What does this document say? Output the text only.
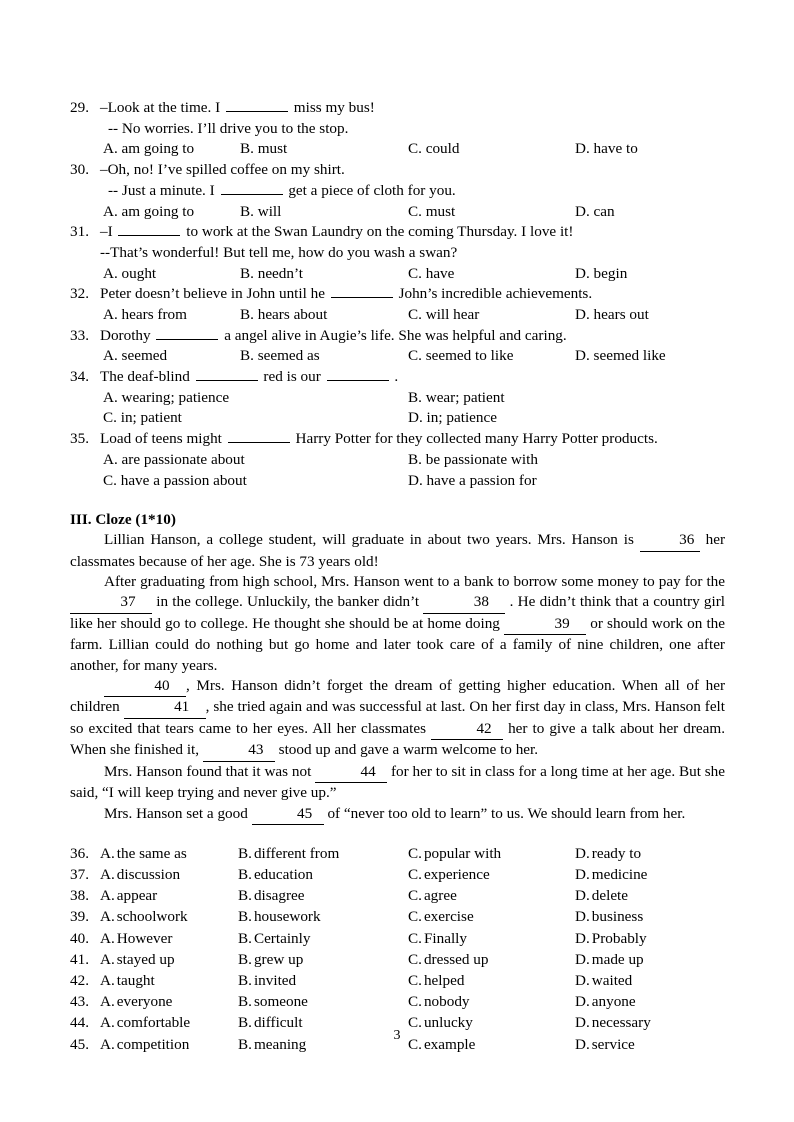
29. –Look at the time. I	miss my bus!
-- No worries. I’ll drive you to the stop.
A. am going to	B. must	C. could	D. have to
30. –Oh, no! I’ve spilled coffee on my shirt.
-- Just a minute. I	get a piece of cloth for you.
A. am going to	B. will	C. must	D. can
31. –I	to work at the Swan Laundry on the coming Thursday. I love it!
--That’s wonderful! But tell me, how do you wash a swan?
A. ought	B. needn’t	C. have	D. begin
32. Peter doesn’t believe in John until he	John’s incredible achievements.
A. hears from	B. hears about	C. will hear	D. hears out
33. Dorothy	a angel alive in Augie’s life. She was helpful and caring.
A. seemed	B. seemed as	C. seemed to like	D. seemed like
34. The deaf-blind	red is our	.
A. wearing; patience	B. wear; patient
C. in; patient	D. in; patience
35. Load of teens might	Harry Potter for they collected many Harry Potter products.
A. are passionate about	B. be passionate with
C. have a passion about	D. have a passion for
III. Cloze (1*10)

Lillian Hanson, a college student, will graduate in about two years. Mrs. Hanson is	36 her classmates because of her age. She is 73 years old!

After graduating from high school, Mrs. Hanson went to a bank to borrow some money to pay for the 37 in the college. Unluckily, the banker didn’t	38 . He didn’t think that a country girl like her should go to college. He thought she should be at home doing	39 or should work on the farm. Lillian could do nothing but go home and later took care of a family of nine children, one after another, for many years.

40 , Mrs. Hanson didn’t forget the dream of getting higher education. When all of her children	41 , she tried again and was successful at last. On her first day in class, Mrs. Hanson felt so excited that tears came to her eyes. All her classmates	42 her to give a talk about her dream. When she finished it,	43 stood up and gave a warm welcome to her.

Mrs. Hanson found that it was not	44 for her to sit in class for a long time at her age. But she said, “I will keep trying and never give up.”

Mrs. Hanson set a good	45 of “never too old to learn” to us. We should learn from her.

36. A. the same as	B. different from	C. popular with	D. ready to
37. A. discussion	B. education	C. experience	D. medicine
38. A. appear	B. disagree	C. agree	D. delete
39. A. schoolwork	B. housework	C. exercise	D. business
40. A. However	B. Certainly	C. Finally	D. Probably
41. A. stayed up	B. grew up	C. dressed up	D. made up
42. A. taught	B. invited	C. helped	D. waited
43. A. everyone	B. someone	C. nobody	D. anyone
44. A. comfortable	B. difficult	C. unlucky	D. necessary
45. A. competition	B. meaning	C. example	D. service
3
